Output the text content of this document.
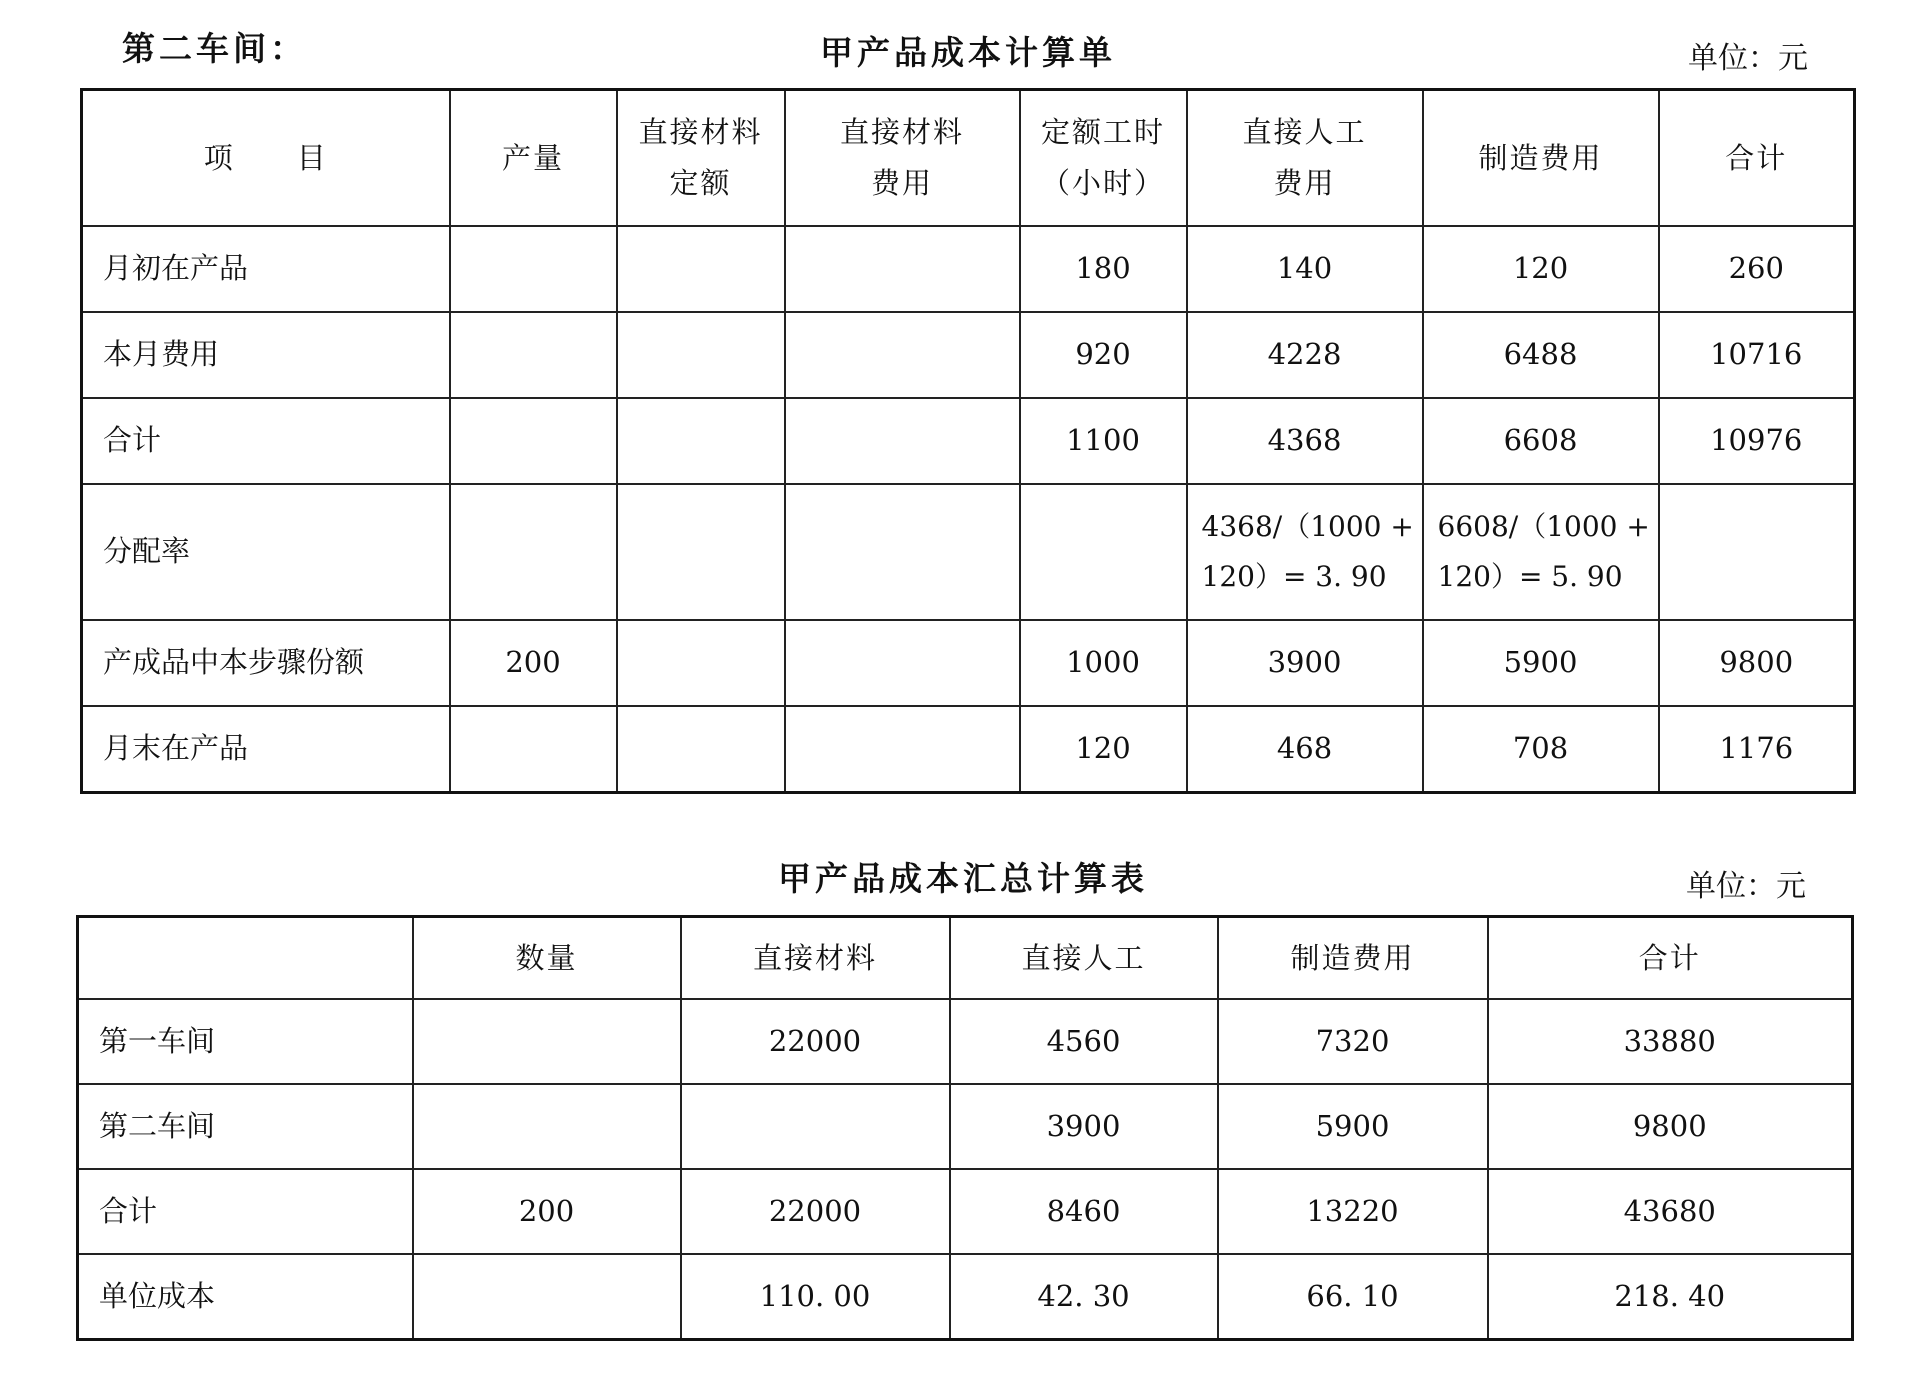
第二车间：	甲产品成本计算单	单位：元
项　　目	产量	直接材料定额	直接材料费用	定额工时（小时）	直接人工费用	制造费用	合计
月初在产品				180	140	120	260
本月费用				920	4228	6488	10716
合计				1100	4368	6608	10976
分配率					4368/（1000 + 120）= 3. 90	6608/（1000 + 120）= 5. 90	
产成品中本步骤份额	200			1000	3900	5900	9800
月末在产品				120	468	708	1176
甲产品成本汇总计算表	单位：元
	数量	直接材料	直接人工	制造费用	合计
第一车间		22000	4560	7320	33880
第二车间			3900	5900	9800
合计	200	22000	8460	13220	43680
单位成本		110. 00	42. 30	66. 10	218. 40
